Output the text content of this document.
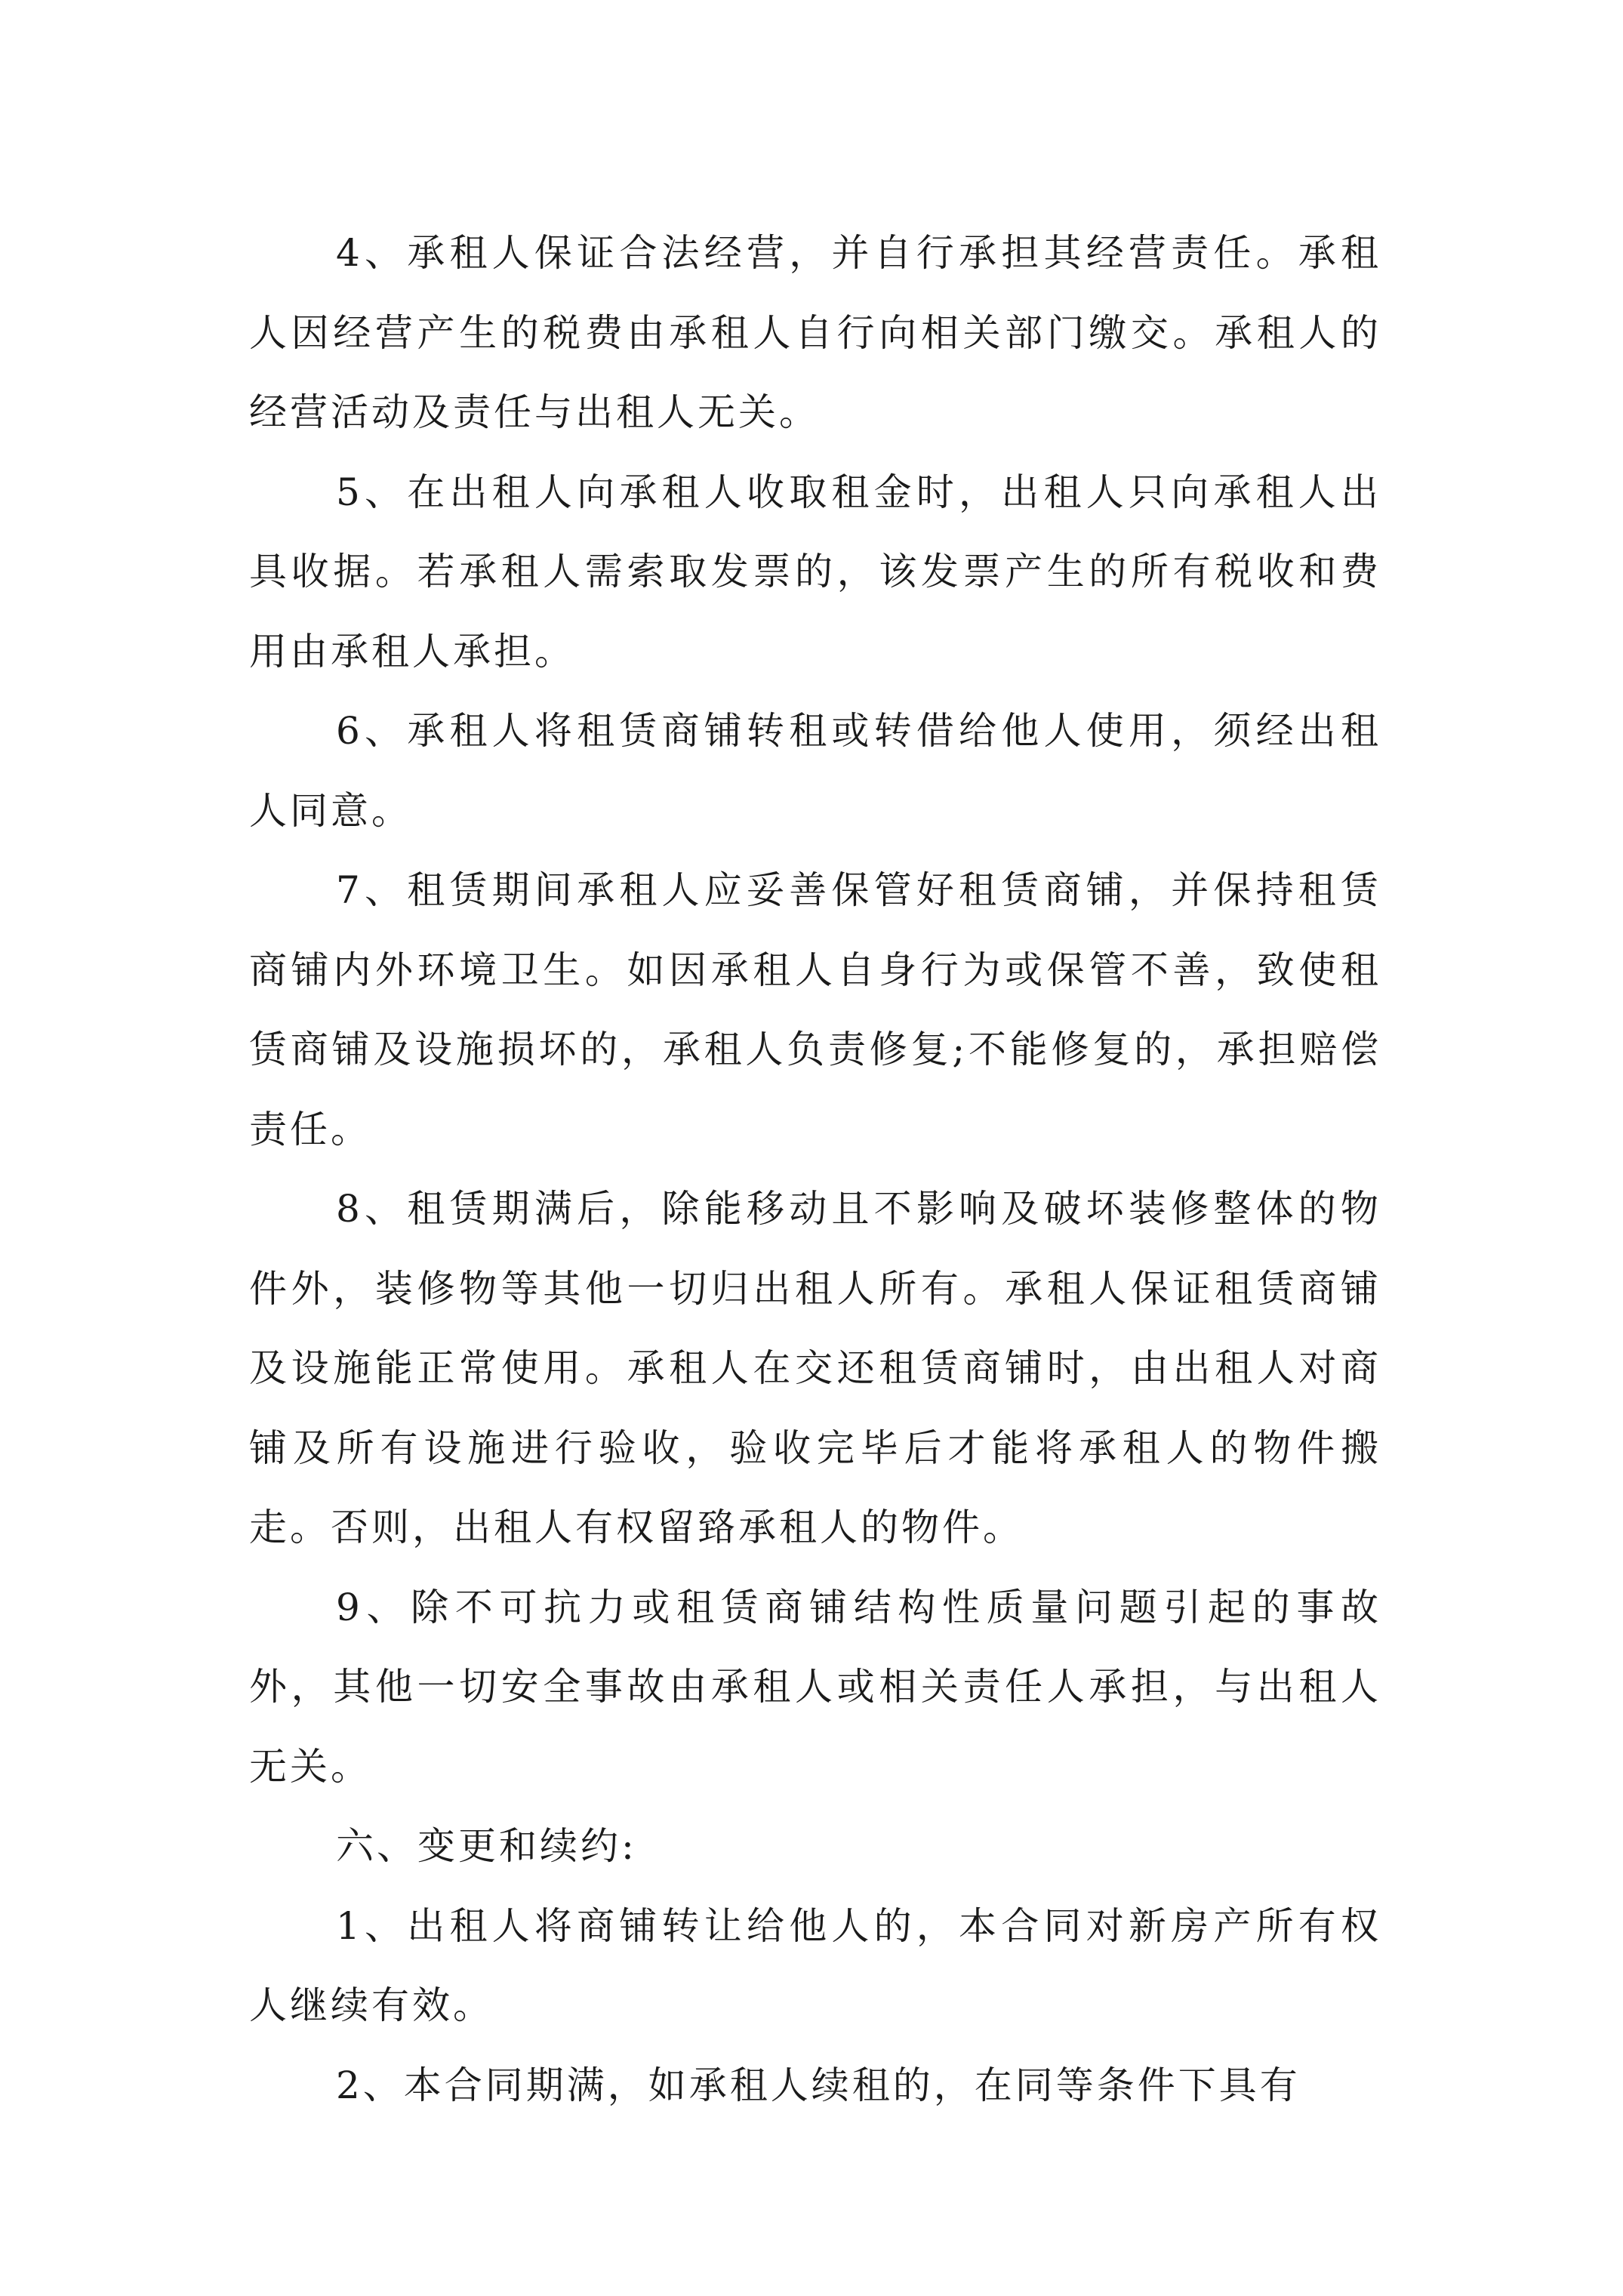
4、承租人保证合法经营，并自行承担其经营责任。承租人因经营产生的税费由承租人自行向相关部门缴交。承租人的经营活动及责任与出租人无关。

5、在出租人向承租人收取租金时，出租人只向承租人出具收据。若承租人需索取发票的，该发票产生的所有税收和费用由承租人承担。

6、承租人将租赁商铺转租或转借给他人使用，须经出租人同意。

7、租赁期间承租人应妥善保管好租赁商铺，并保持租赁商铺内外环境卫生。如因承租人自身行为或保管不善，致使租赁商铺及设施损坏的，承租人负责修复;不能修复的，承担赔偿责任。

8、租赁期满后，除能移动且不影响及破坏装修整体的物件外，装修物等其他一切归出租人所有。承租人保证租赁商铺及设施能正常使用。承租人在交还租赁商铺时，由出租人对商铺及所有设施进行验收，验收完毕后才能将承租人的物件搬走。否则，出租人有权留臵承租人的物件。

9、除不可抗力或租赁商铺结构性质量问题引起的事故外，其他一切安全事故由承租人或相关责任人承担，与出租人无关。

六、变更和续约:

1、出租人将商铺转让给他人的，本合同对新房产所有权人继续有效。

2、本合同期满，如承租人续租的，在同等条件下具有
